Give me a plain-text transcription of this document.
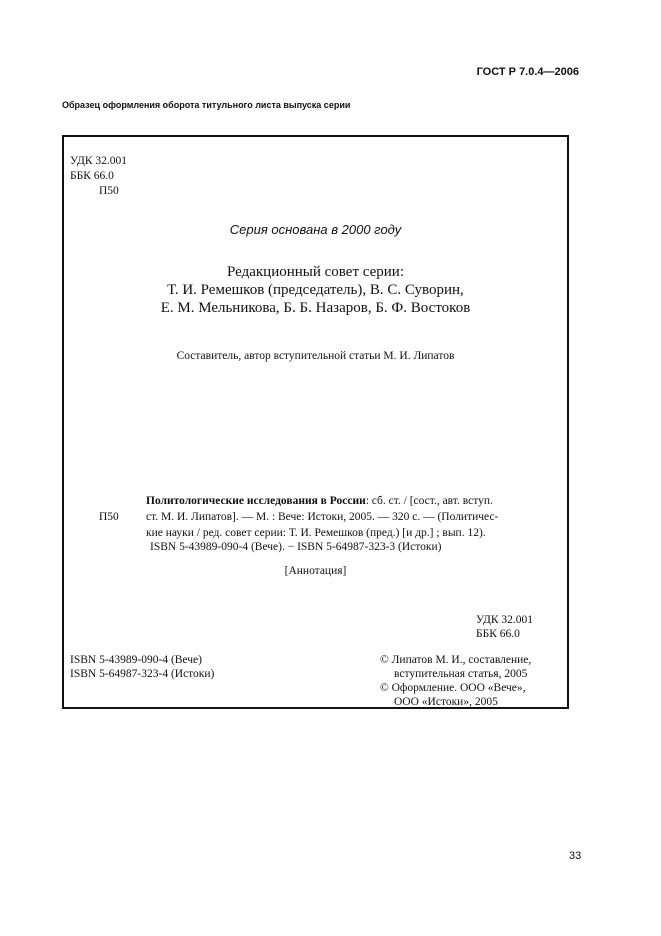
ГОСТ Р 7.0.4—2006
Образец оформления оборота титульного листа выпуска серии
УДК 32.001
ББК 66.0
П50
Серия основана в 2000 году
Редакционный совет серии:
Т. И. Ремешков (председатель), В. С. Суворин,
Е. М. Мельникова, Б. Б. Назаров, Б. Ф. Востоков
Составитель, автор вступительной статьи М. И. Липатов
Политологические исследования в России: сб. ст. / [сост., авт. вступ.
П50 ст. М. И. Липатов]. — М. : Вече: Истоки, 2005. — 320 с. — (Политичес-
кие науки / ред. совет серии: Т. И. Ремешков (пред.) [и др.] ; вып. 12).
ISBN 5-43989-090-4 (Вече). − ISBN 5-64987-323-3 (Истоки)
[Аннотация]
УДК 32.001
ББК 66.0
ISBN 5-43989-090-4 (Вече)
ISBN 5-64987-323-4 (Истоки)
© Липатов М. И., составление,
вступительная статья, 2005
© Оформление. ООО «Вече»,
ООО «Истоки», 2005
33
